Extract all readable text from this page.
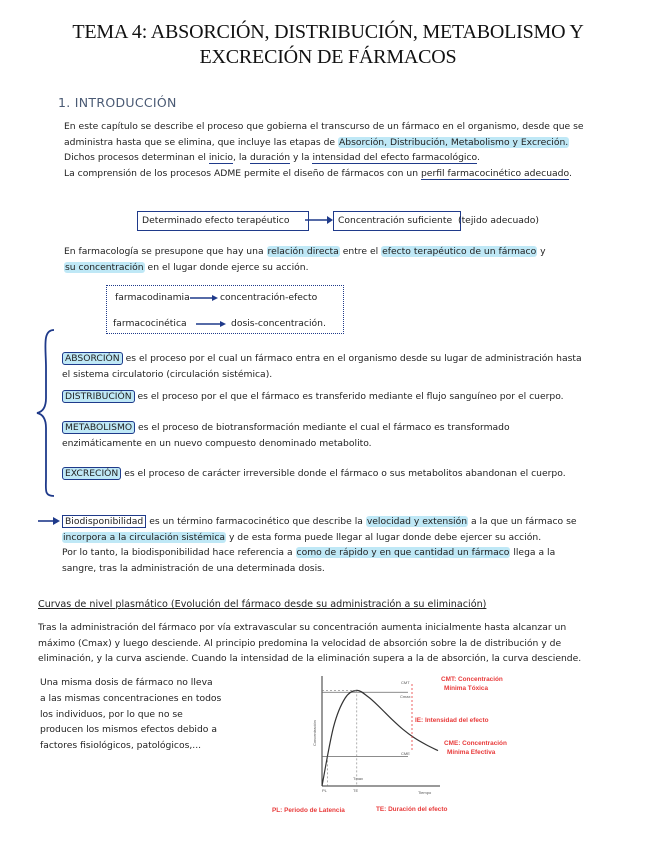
TEMA 4: ABSORCIÓN, DISTRIBUCIÓN, METABOLISMO Y
EXCRECIÓN DE FÁRMACOS
1. INTRODUCCIÓN
En este capítulo se describe el proceso que gobierna el transcurso de un fármaco en el organismo, desde que se
administra hasta que se elimina, que incluye las etapas de Absorción, Distribución, Metabolismo y Excreción.
Dichos procesos determinan el inicio, la duración y la intensidad del efecto farmacológico.
La comprensión de los procesos ADME permite el diseño de fármacos con un perfil farmacocinético adecuado.
Determinado efecto terapéutico	Concentración suficiente (tejido adecuado)
En farmacología se presupone que hay una relación directa entre el efecto terapéutico de un fármaco y
su concentración en el lugar donde ejerce su acción.
farmacodinamia	concentración-efecto
farmacocinética	dosis-concentración.
ABSORCIÓN es el proceso por el cual un fármaco entra en el organismo desde su lugar de administración hasta
el sistema circulatorio (circulación sistémica).
DISTRIBUCIÓN es el proceso por el que el fármaco es transferido mediante el flujo sanguíneo por el cuerpo.
METABOLISMO es el proceso de biotransformación mediante el cual el fármaco es transformado
enzimáticamente en un nuevo compuesto denominado metabolito.
EXCRECIÓN es el proceso de carácter irreversible donde el fármaco o sus metabolitos abandonan el cuerpo.
Biodisponibilidad es un término farmacocinético que describe la velocidad y extensión a la que un fármaco se
incorpora a la circulación sistémica y de esta forma puede llegar al lugar donde debe ejercer su acción.
Por lo tanto, la biodisponibilidad hace referencia a como de rápido y en que cantidad un fármaco llega a la
sangre, tras la administración de una determinada dosis.
Curvas de nivel plasmático (Evolución del fármaco desde su administración a su eliminación)
Tras la administración del fármaco por vía extravascular su concentración aumenta inicialmente hasta alcanzar un
máximo (Cmax) y luego desciende. Al principio predomina la velocidad de absorción sobre la de distribución y de
eliminación, y la curva asciende. Cuando la intensidad de la eliminación supera a la de absorción, la curva desciende.
Una misma dosis de fármaco no lleva
a las mismas concentraciones en todos
los individuos, por lo que no se
producen los mismos efectos debido a
factores fisiológicos, patológicos,...	Concentración
Tiempo
CMT
CME
Cmax
Tmax
PL	TE
CMT: Concentración
Mínima Tóxica
IE: Intensidad del efecto
CME: Concentración
Mínima Efectiva
PL: Periodo de Latencia	TE: Duración del efecto
